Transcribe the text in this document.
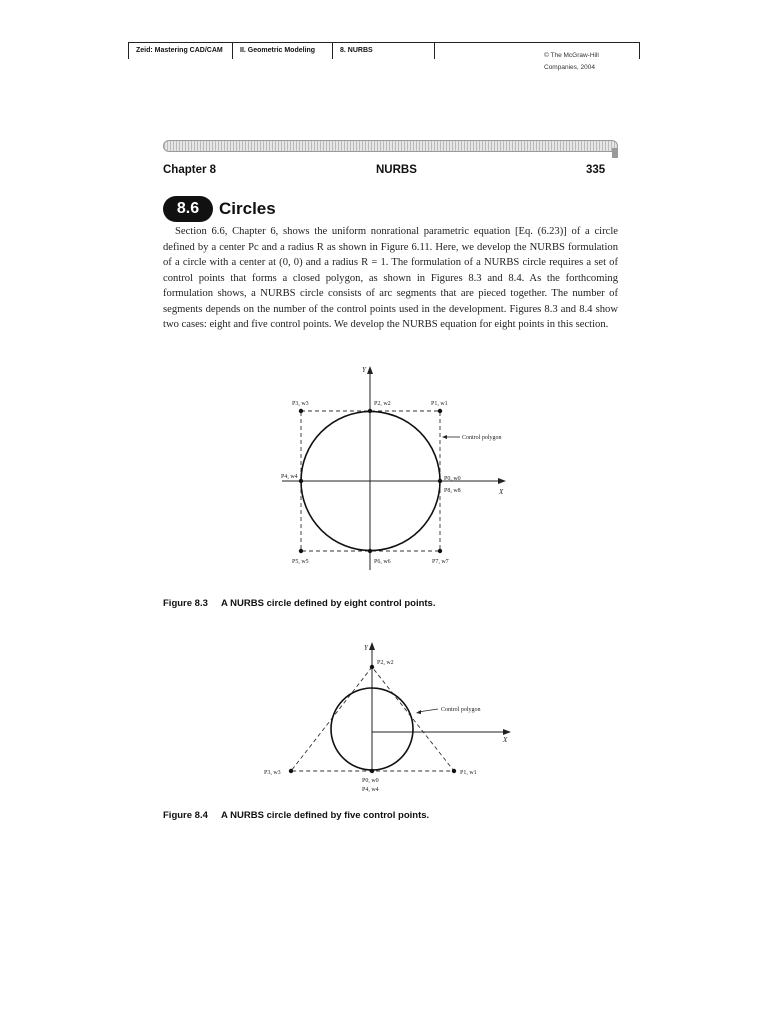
Zeid: Mastering CAD/CAM	II. Geometric Modeling	8. NURBS
© The McGraw-Hill
Companies, 2004
Chapter 8	NURBS	335
8.6	Circles

Section 6.6, Chapter 6, shows the uniform nonrational parametric equation [Eq. (6.23)] of a circle defined by a center Pc and a radius R as shown in Figure 6.11. Here, we develop the NURBS formulation of a circle with a center at (0, 0) and a radius R = 1. The formulation of a NURBS circle requires a set of control points that forms a closed polygon, as shown in Figures 8.3 and 8.4. As the forthcoming formulation shows, a NURBS circle consists of arc segments that are pieced together. The number of segments depends on the number of the control points used in the development. Figures 8.3 and 8.4 show two cases: eight and five control points. We develop the NURBS equation for eight points in this section.

Y
X
Control polygon
P3, w3	P2, w2	P1, w1
P4, w4	P0, w0
P8, w8
P5, w5	P6, w6	P7, w7
Figure 8.3 A NURBS circle defined by eight control points.
Y
X
Control polygon
P2, w2
P3, w3	P1, w1
P0, w0
P4, w4
Figure 8.4 A NURBS circle defined by five control points.
